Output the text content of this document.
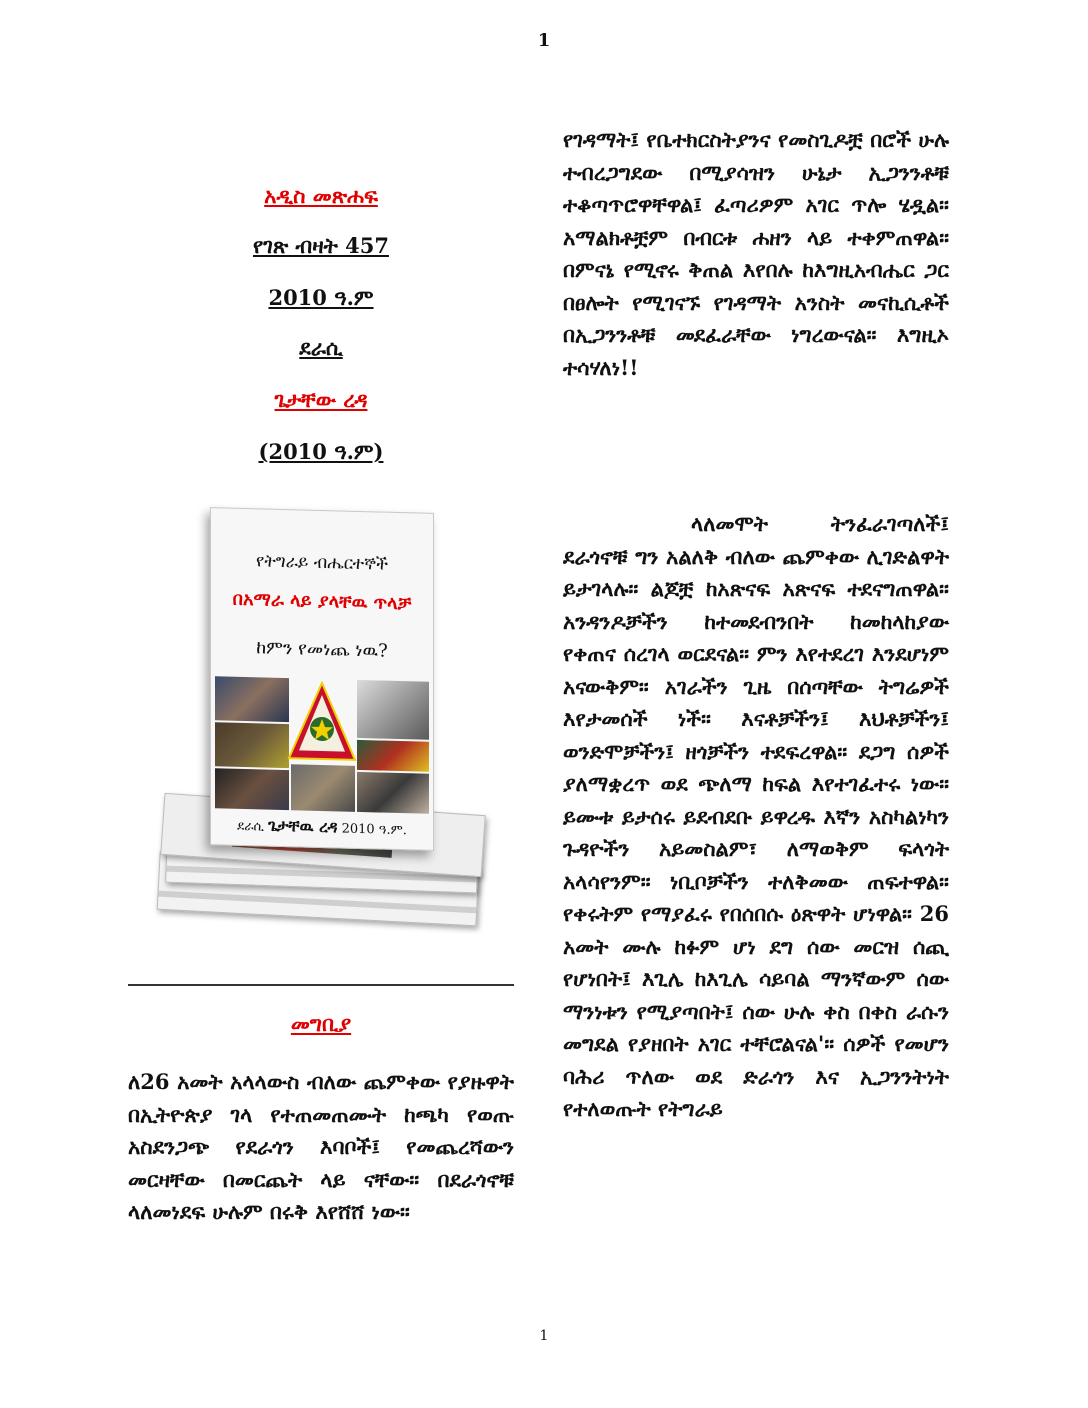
1
አዲስ መጽሐፍ
የገጽ ብዛት 457
2010 ዓ.ም
ደራሲ
ጌታቸው ረዳ
(2010 ዓ.ም)
የትግራይ ብሔርተኞች
በአማራ ላይ ያላቸዉ ጥላቻ
ከምን የመነጨ ነዉ?
ደራሲ ጌታቸዉ ረዳ 2010 ዓ.ም.
መግቢያ

ለ26 አመት አላላውስ ብለው ጨምቀው የያዙዋት በኢትዮጵያ ገላ የተጠመጠሙት ከጫካ የወጡ አስደንጋጭ የደራጎን እባቦች፤ የመጨረሻውን መርዛቸው በመርጨት ላይ ናቸው። በደራጎኖቹ ላለመነደፍ ሁሉም በሩቅ እየሸሸ ነው።

የገዳማት፤ የቤተክርስትያንና የመስጊዶቿ በሮች ሁሉ ተብረጋግደው በሚያሳዝን ሁኔታ ኢጋንንቶቹ ተቆጣጥሮዋቸዋል፤ ፈጣሪዎም አገር ጥሎ ሄዷል። አማልክቶቿም በብርቱ ሐዘን ላይ ተቀምጠዋል። በምናኔ የሚኖሩ ቅጠል እየበሉ ከእግዚአብሔር ጋር በፀሎት የሚገናኙ የገዳማት አንስት መናኪሲቶች በኢጋንንቶቹ መደፈራቸው ነግረውናል። እግዚኦ ተሳሃለነ!!

ላለመሞት ትንፈራገጣለች፤ ደራጎኖቹ ግን አልለቅ ብለው ጨምቀው ሊገድልዋት ይታገላሉ። ልጆቿ ከአጽናፍ አጽናፍ ተደናግጠዋል። አንዳንዶቻችን ከተመደብንበት ከመከላከያው የቀጠና ሰረገላ ወርደናል። ምን እየተደረገ እንደሆነም አናውቅም። አገራችን ጊዜ በሰጣቸው ትግሬዎች እየታመሰች ነች። እናቶቻችን፤ እህቶቻችን፤ ወንድሞቻችን፤ ዘጎቻችን ተደፍረዋል። ደጋግ ሰዎች ያለማቋረጥ ወደ ጭለማ ከፍል እየተገፈተሩ ነው። ይሙቱ ይታሰሩ ይደብደቡ ይዋረዱ እኛን አስካልነካን ጉዳዮችን አይመስልም፣ ለማወቅም ፍላጎት አላሳየንም። ነቢቦቻችን ተለቅመው ጠፍተዋል። የቀሩትም የማያፈሩ የበሰበሱ ዕጽዋት ሆነዋል። 26 አመት ሙሉ ከፉም ሆነ ደግ ሰው መርዝ ሰጪ የሆነበት፤ እጊሌ ከእጊሌ ሳይባል ማንኛውም ሰው ማንነቱን የሚያጣበት፤ ሰው ሁሉ ቀስ በቀስ ራሱን መግደል የያዘበት አገር ተቸሮልናል'። ሰዎች የመሆን ባሕሪ ጥለው ወደ ድራጎን እና ኢጋንንትነት የተለወጡት የትግራይ

1
